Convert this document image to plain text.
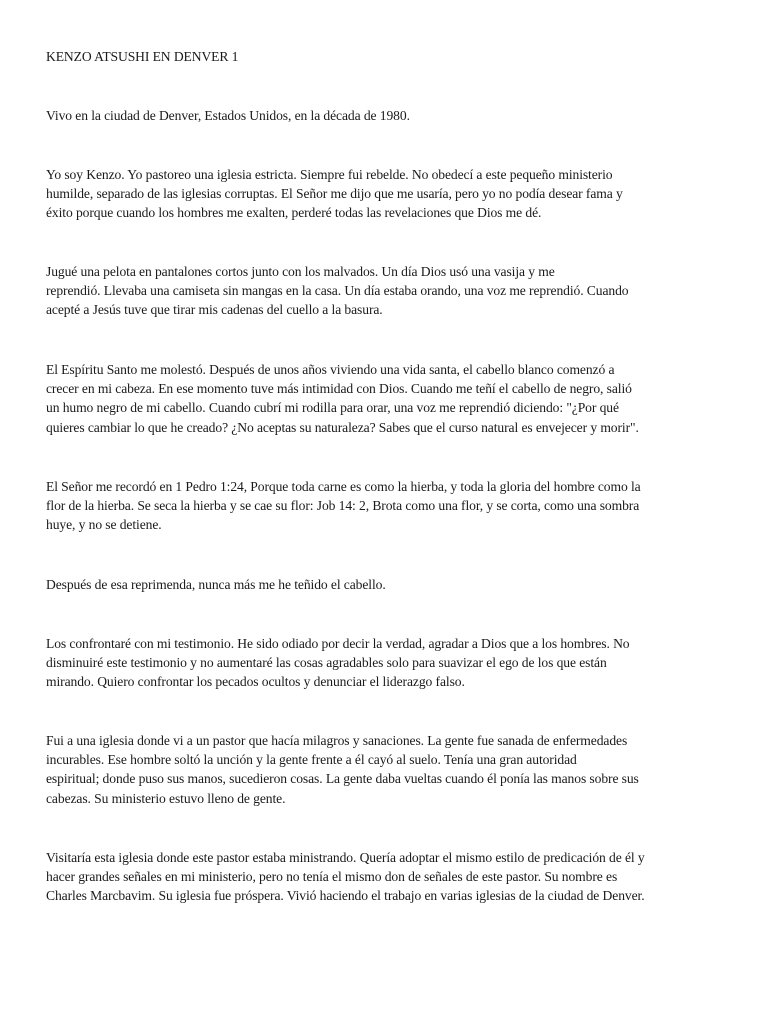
KENZO ATSUSHI EN DENVER 1
Vivo en la ciudad de Denver, Estados Unidos, en la década de 1980.
Yo soy Kenzo. Yo pastoreo una iglesia estricta. Siempre fui rebelde. No obedecí a este pequeño ministerio
humilde, separado de las iglesias corruptas. El Señor me dijo que me usaría, pero yo no podía desear fama y
éxito porque cuando los hombres me exalten, perderé todas las revelaciones que Dios me dé.
Jugué una pelota en pantalones cortos junto con los malvados. Un día Dios usó una vasija y me
reprendió. Llevaba una camiseta sin mangas en la casa. Un día estaba orando, una voz me reprendió. Cuando
acepté a Jesús tuve que tirar mis cadenas del cuello a la basura.
El Espíritu Santo me molestó. Después de unos años viviendo una vida santa, el cabello blanco comenzó a
crecer en mi cabeza. En ese momento tuve más intimidad con Dios. Cuando me teñí el cabello de negro, salió
un humo negro de mi cabello. Cuando cubrí mi rodilla para orar, una voz me reprendió diciendo: "¿Por qué
quieres cambiar lo que he creado? ¿No aceptas su naturaleza? Sabes que el curso natural es envejecer y morir".
El Señor me recordó en 1 Pedro 1:24, Porque toda carne es como la hierba, y toda la gloria del hombre como la
flor de la hierba. Se seca la hierba y se cae su flor: Job 14: 2, Brota como una flor, y se corta, como una sombra
huye, y no se detiene.
Después de esa reprimenda, nunca más me he teñido el cabello.
Los confrontaré con mi testimonio. He sido odiado por decir la verdad, agradar a Dios que a los hombres. No
disminuiré este testimonio y no aumentaré las cosas agradables solo para suavizar el ego de los que están
mirando. Quiero confrontar los pecados ocultos y denunciar el liderazgo falso.
Fui a una iglesia donde vi a un pastor que hacía milagros y sanaciones. La gente fue sanada de enfermedades
incurables. Ese hombre soltó la unción y la gente frente a él cayó al suelo. Tenía una gran autoridad
espiritual; donde puso sus manos, sucedieron cosas. La gente daba vueltas cuando él ponía las manos sobre sus
cabezas. Su ministerio estuvo lleno de gente.
Visitaría esta iglesia donde este pastor estaba ministrando. Quería adoptar el mismo estilo de predicación de él y
hacer grandes señales en mi ministerio, pero no tenía el mismo don de señales de este pastor. Su nombre es
Charles Marcbavim. Su iglesia fue próspera. Vivió haciendo el trabajo en varias iglesias de la ciudad de Denver.
